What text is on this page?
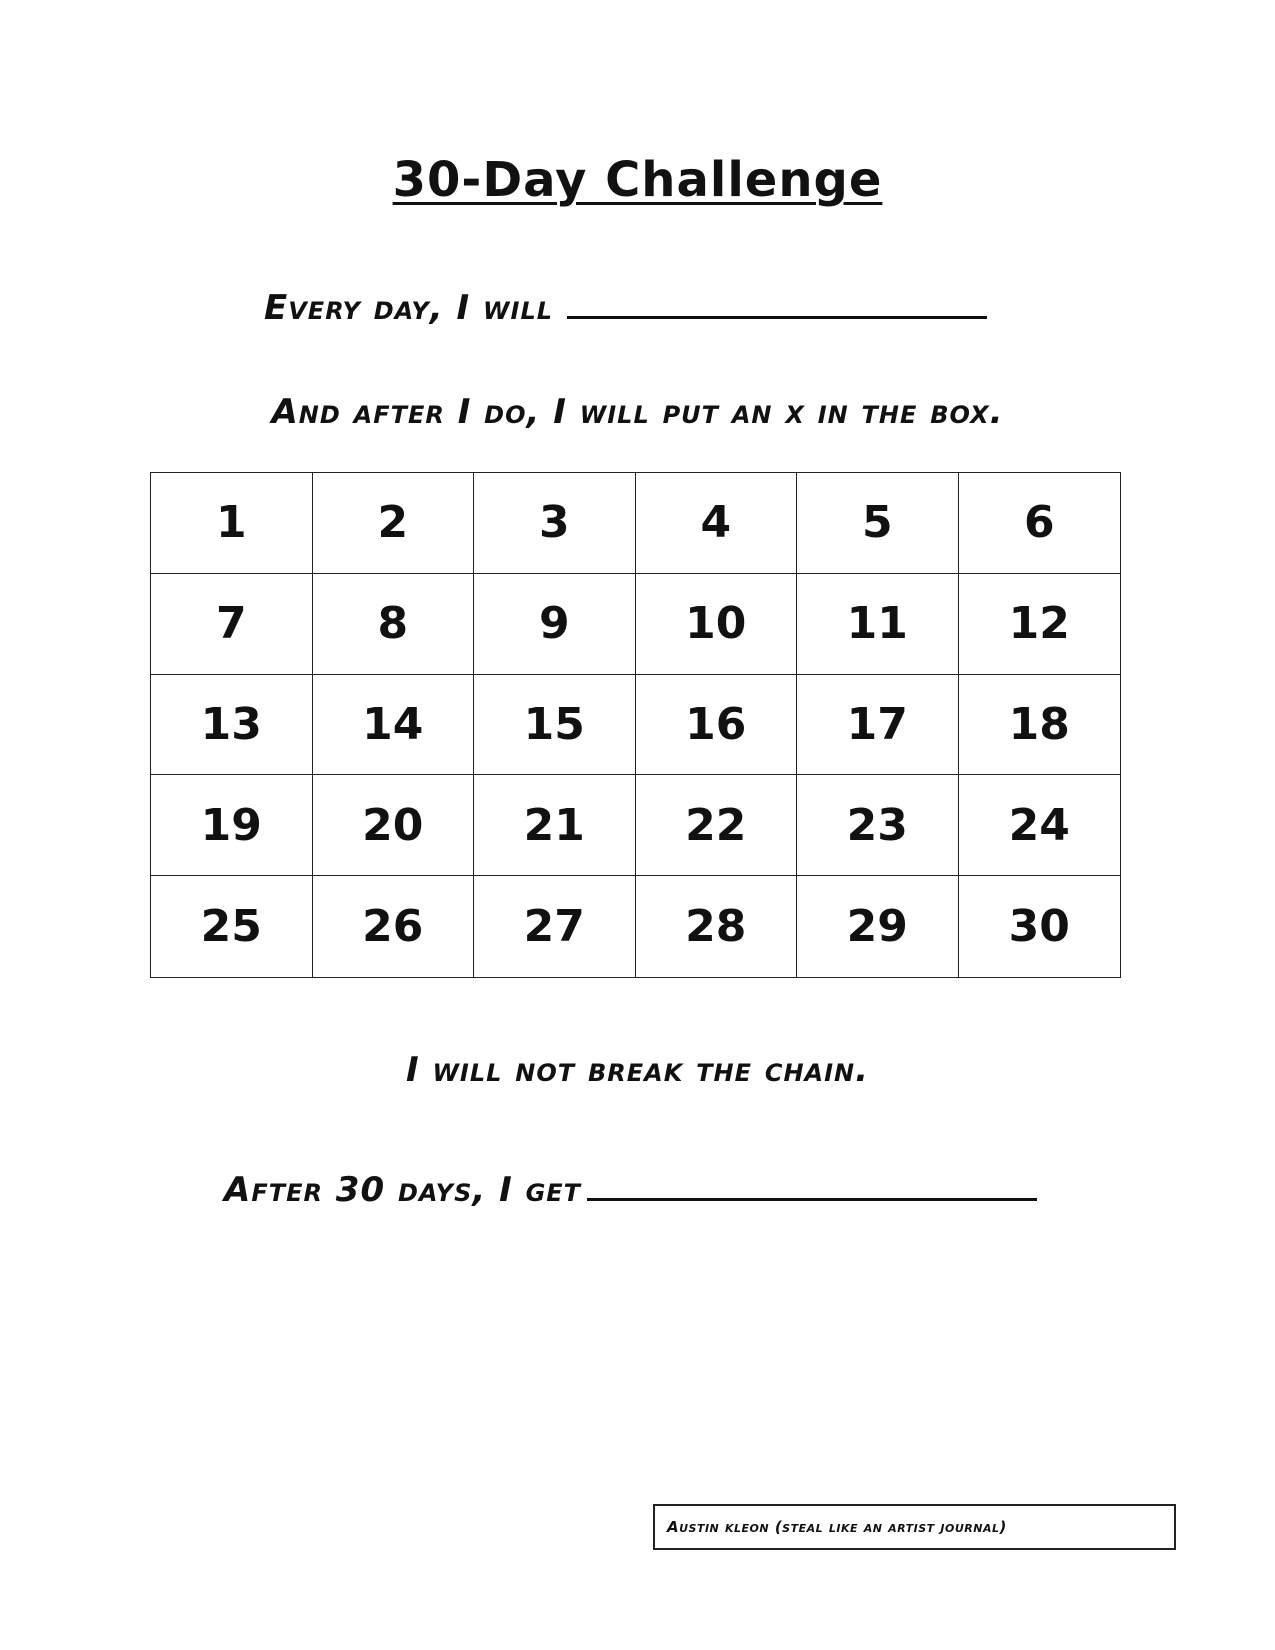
30-Day Challenge
Every day, I will
And after I do, I will put an x in the box.
1	2	3	4	5	6
7	8	9	10	11	12
13	14	15	16	17	18
19	20	21	22	23	24
25	26	27	28	29	30
I will not break the chain.
After 30 days, I get
Austin kleon (steal like an artist journal)
